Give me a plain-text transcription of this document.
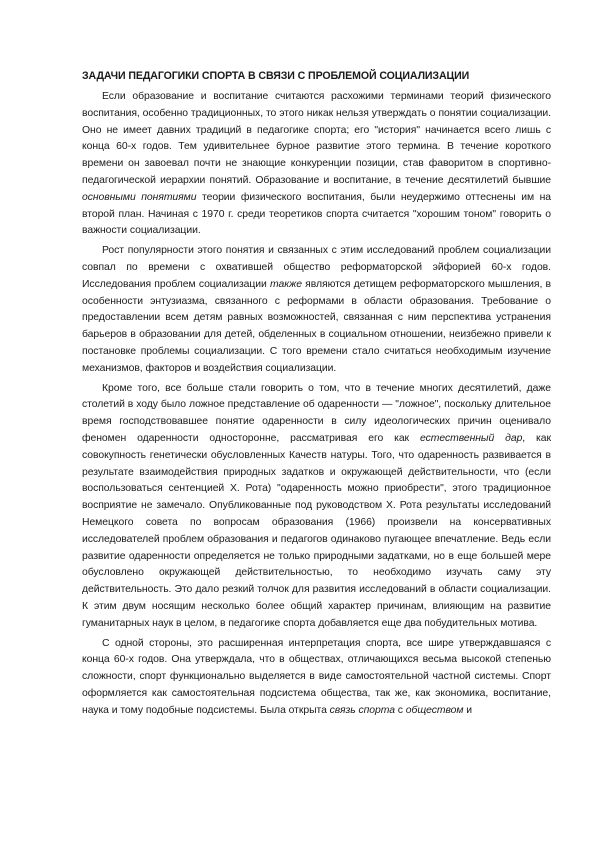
ЗАДАЧИ ПЕДАГОГИКИ СПОРТА В СВЯЗИ С ПРОБЛЕМОЙ СОЦИАЛИЗАЦИИ

Если образование и воспитание считаются расхожими терминами теорий физического воспитания, особенно традиционных, то этого никак нельзя утверждать о понятии социализации. Оно не имеет давних традиций в педагогике спорта; его "история" начинается всего лишь с конца 60-х годов. Тем удивительнее бурное развитие этого термина. В течение короткого времени он завоевал почти не знающие конкуренции позиции, став фаворитом в спортивно-педагогической иерархии понятий. Образование и воспитание, в течение десятилетий бывшие основными понятиями теории физического воспитания, были неудержимо оттеснены им на второй план. Начиная с 1970 г. среди теоретиков спорта считается "хорошим тоном" говорить о важности социализации.

Рост популярности этого понятия и связанных с этим исследований проблем социализации совпал по времени с охватившей общество реформаторской эйфорией 60-х годов. Исследования проблем социализации также являются детищем реформаторского мышления, в особенности энтузиазма, связанного с реформами в области образования. Требование о предоставлении всем детям равных возможностей, связанная с ним перспектива устранения барьеров в образовании для детей, обделенных в социальном отношении, неизбежно привели к постановке проблемы социализации. С того времени стало считаться необходимым изучение механизмов, факторов и воздействия социализации.

Кроме того, все больше стали говорить о том, что в течение многих десятилетий, даже столетий в ходу было ложное представление об одаренности — "ложное", поскольку длительное время господствовавшее понятие одаренности в силу идеологических причин оценивало феномен одаренности односторонне, рассматривая его как естественный дар, как совокупность генетически обусловленных Качеств натуры. Того, что одаренность развивается в результате взаимодействия природных задатков и окружающей действительности, что (если воспользоваться сентенцией Х. Рота) "одаренность можно приобрести", этого традиционное восприятие не замечало. Опубликованные под руководством Х. Рота результаты исследований Немецкого совета по вопросам образования (1966) произвели на консервативных исследователей проблем образования и педагогов одинаково пугающее впечатление. Ведь если развитие одаренности определяется не только природными задатками, но в еще большей мере обусловлено окружающей действительностью, то необходимо изучать саму эту действительность. Это дало резкий толчок для развития исследований в области социализации. К этим двум носящим несколько более общий характер причинам, влияющим на развитие гуманитарных наук в целом, в педагогике спорта добавляется еще два побудительных мотива.

С одной стороны, это расширенная интерпретация спорта, все шире утверждавшаяся с конца 60-х годов. Она утверждала, что в обществах, отличающихся весьма высокой степенью сложности, спорт функционально выделяется в виде самостоятельной частной системы. Спорт оформляется как самостоятельная подсистема общества, так же, как экономика, воспитание, наука и тому подобные подсистемы. Была открыта связь спорта с обществом и
